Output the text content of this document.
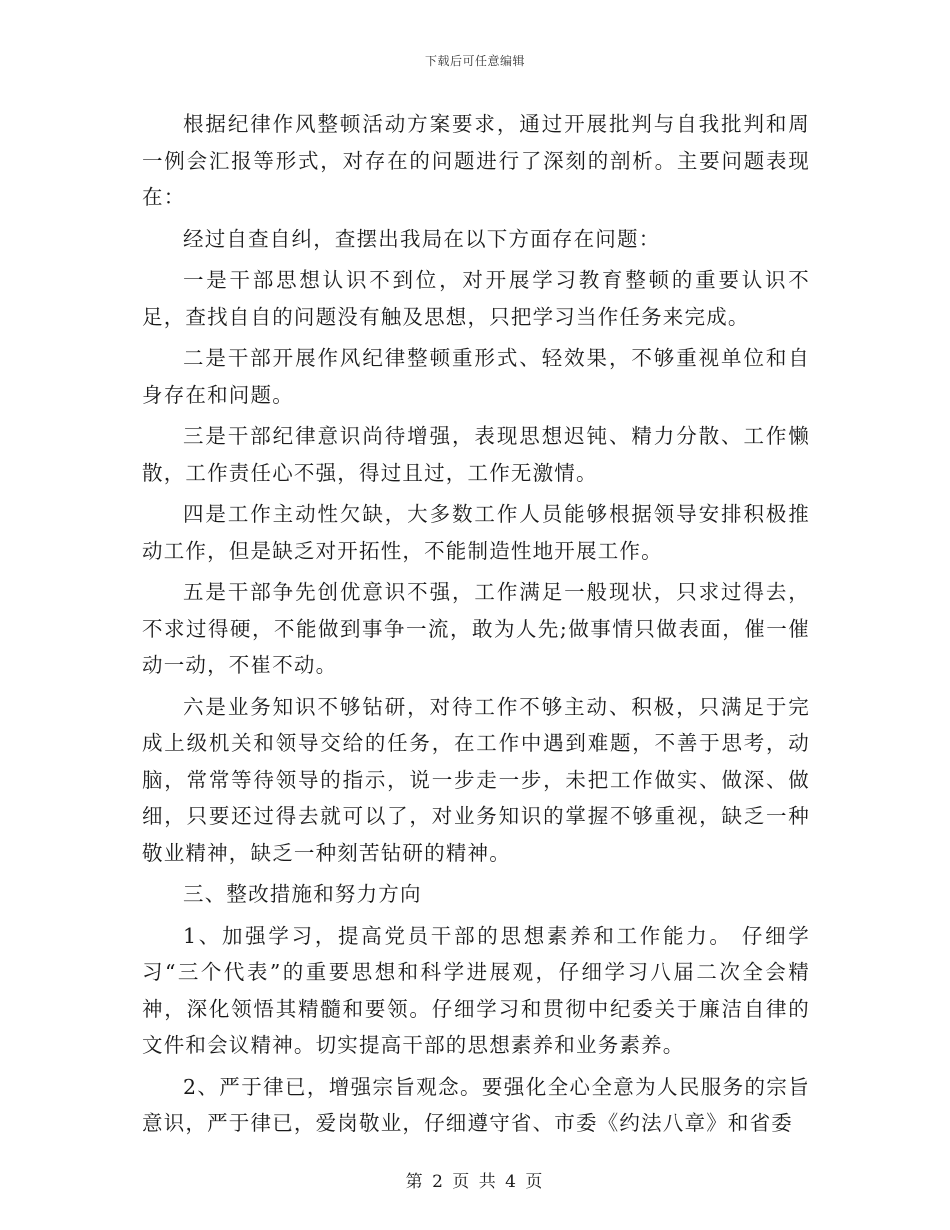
下载后可任意编辑

根据纪律作风整顿活动方案要求，通过开展批判与自我批判和周一例会汇报等形式，对存在的问题进行了深刻的剖析。主要问题表现在：

经过自查自纠，查摆出我局在以下方面存在问题：

一是干部思想认识不到位，对开展学习教育整顿的重要认识不足，查找自自的问题没有触及思想，只把学习当作任务来完成。

二是干部开展作风纪律整顿重形式、轻效果，不够重视单位和自身存在和问题。

三是干部纪律意识尚待增强，表现思想迟钝、精力分散、工作懒散，工作责任心不强，得过且过，工作无激情。

四是工作主动性欠缺，大多数工作人员能够根据领导安排积极推动工作，但是缺乏对开拓性，不能制造性地开展工作。

五是干部争先创优意识不强，工作满足一般现状，只求过得去，不求过得硬，不能做到事争一流，敢为人先;做事情只做表面，催一催动一动，不崔不动。

六是业务知识不够钻研，对待工作不够主动、积极，只满足于完成上级机关和领导交给的任务，在工作中遇到难题，不善于思考，动脑，常常等待领导的指示，说一步走一步，未把工作做实、做深、做细，只要还过得去就可以了，对业务知识的掌握不够重视，缺乏一种敬业精神，缺乏一种刻苦钻研的精神。

三、整改措施和努力方向

1、加强学习，提高党员干部的思想素养和工作能力。 仔细学习“三个代表”的重要思想和科学进展观，仔细学习八届二次全会精神，深化领悟其精髓和要领。仔细学习和贯彻中纪委关于廉洁自律的文件和会议精神。切实提高干部的思想素养和业务素养。

2、严于律已，增强宗旨观念。要强化全心全意为人民服务的宗旨意识，严于律已，爱岗敬业，仔细遵守省、市委《约法八章》和省委

第 2 页 共 4 页
